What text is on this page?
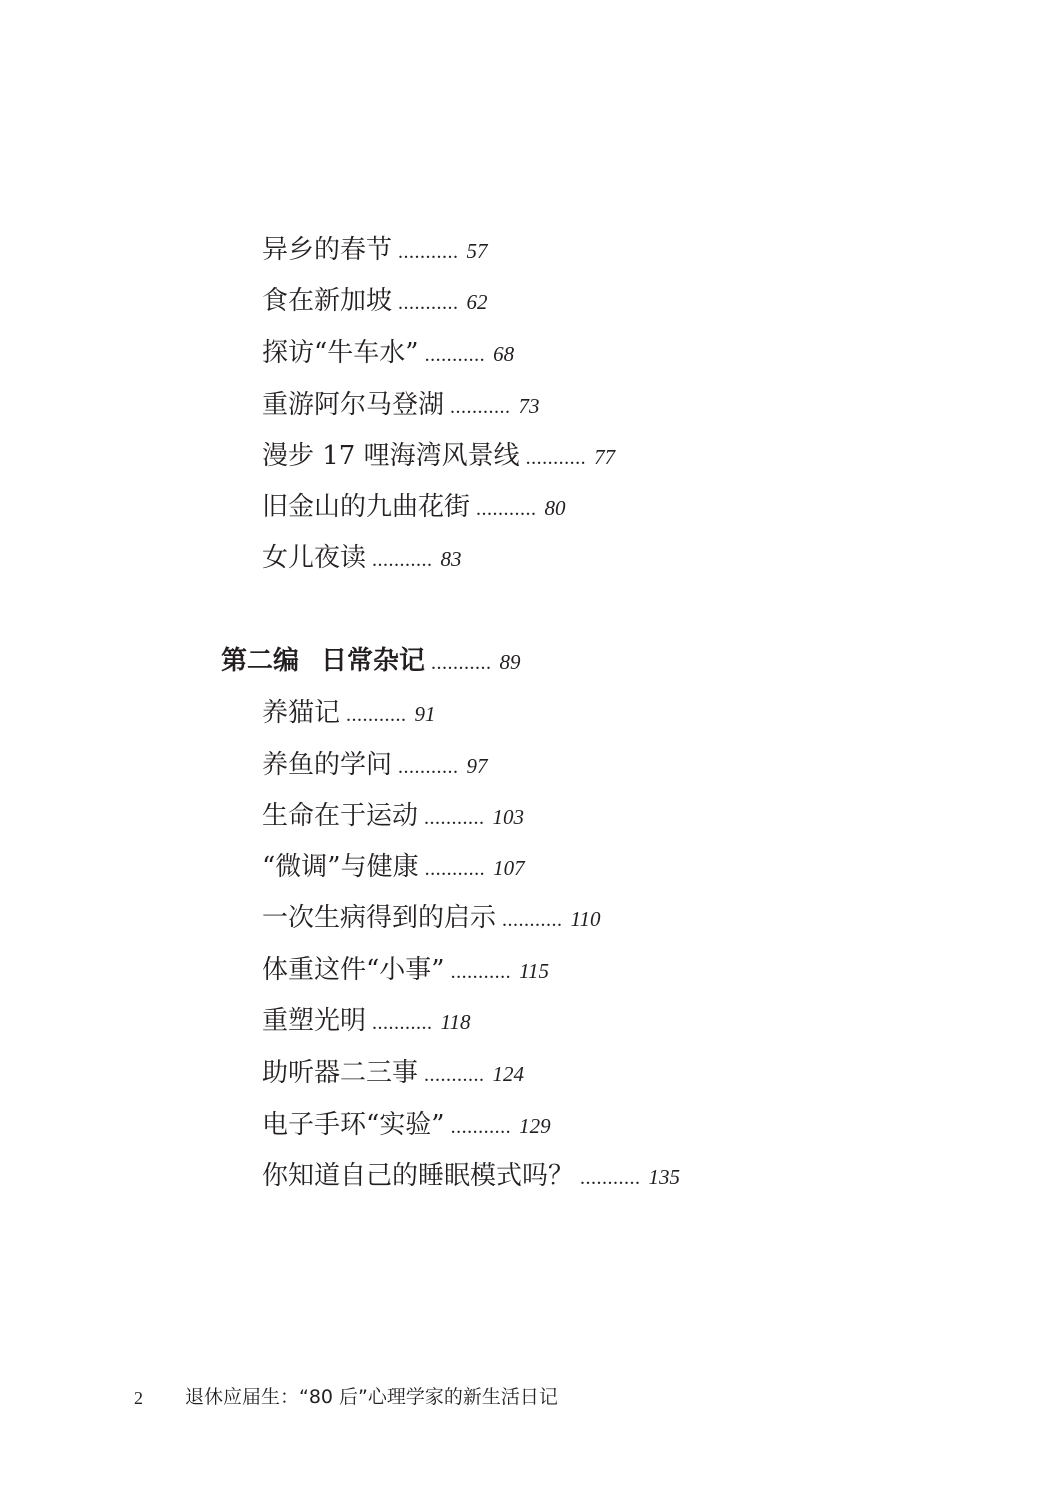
异乡的春节 ........... 57
食在新加坡 ........... 62
探访“牛车水” ........... 68
重游阿尔马登湖 ........... 73
漫步 17 哩海湾风景线 ........... 77
旧金山的九曲花街 ........... 80
女儿夜读 ........... 83
第二编 日常杂记 ........... 89
养猫记 ........... 91
养鱼的学问 ........... 97
生命在于运动 ........... 103
“微调”与健康 ........... 107
一次生病得到的启示 ........... 110
体重这件“小事” ........... 115
重塑光明 ........... 118
助听器二三事 ........... 124
电子手环“实验” ........... 129
你知道自己的睡眠模式吗？ ........... 135
2 退休应届生：“80 后”心理学家的新生活日记
